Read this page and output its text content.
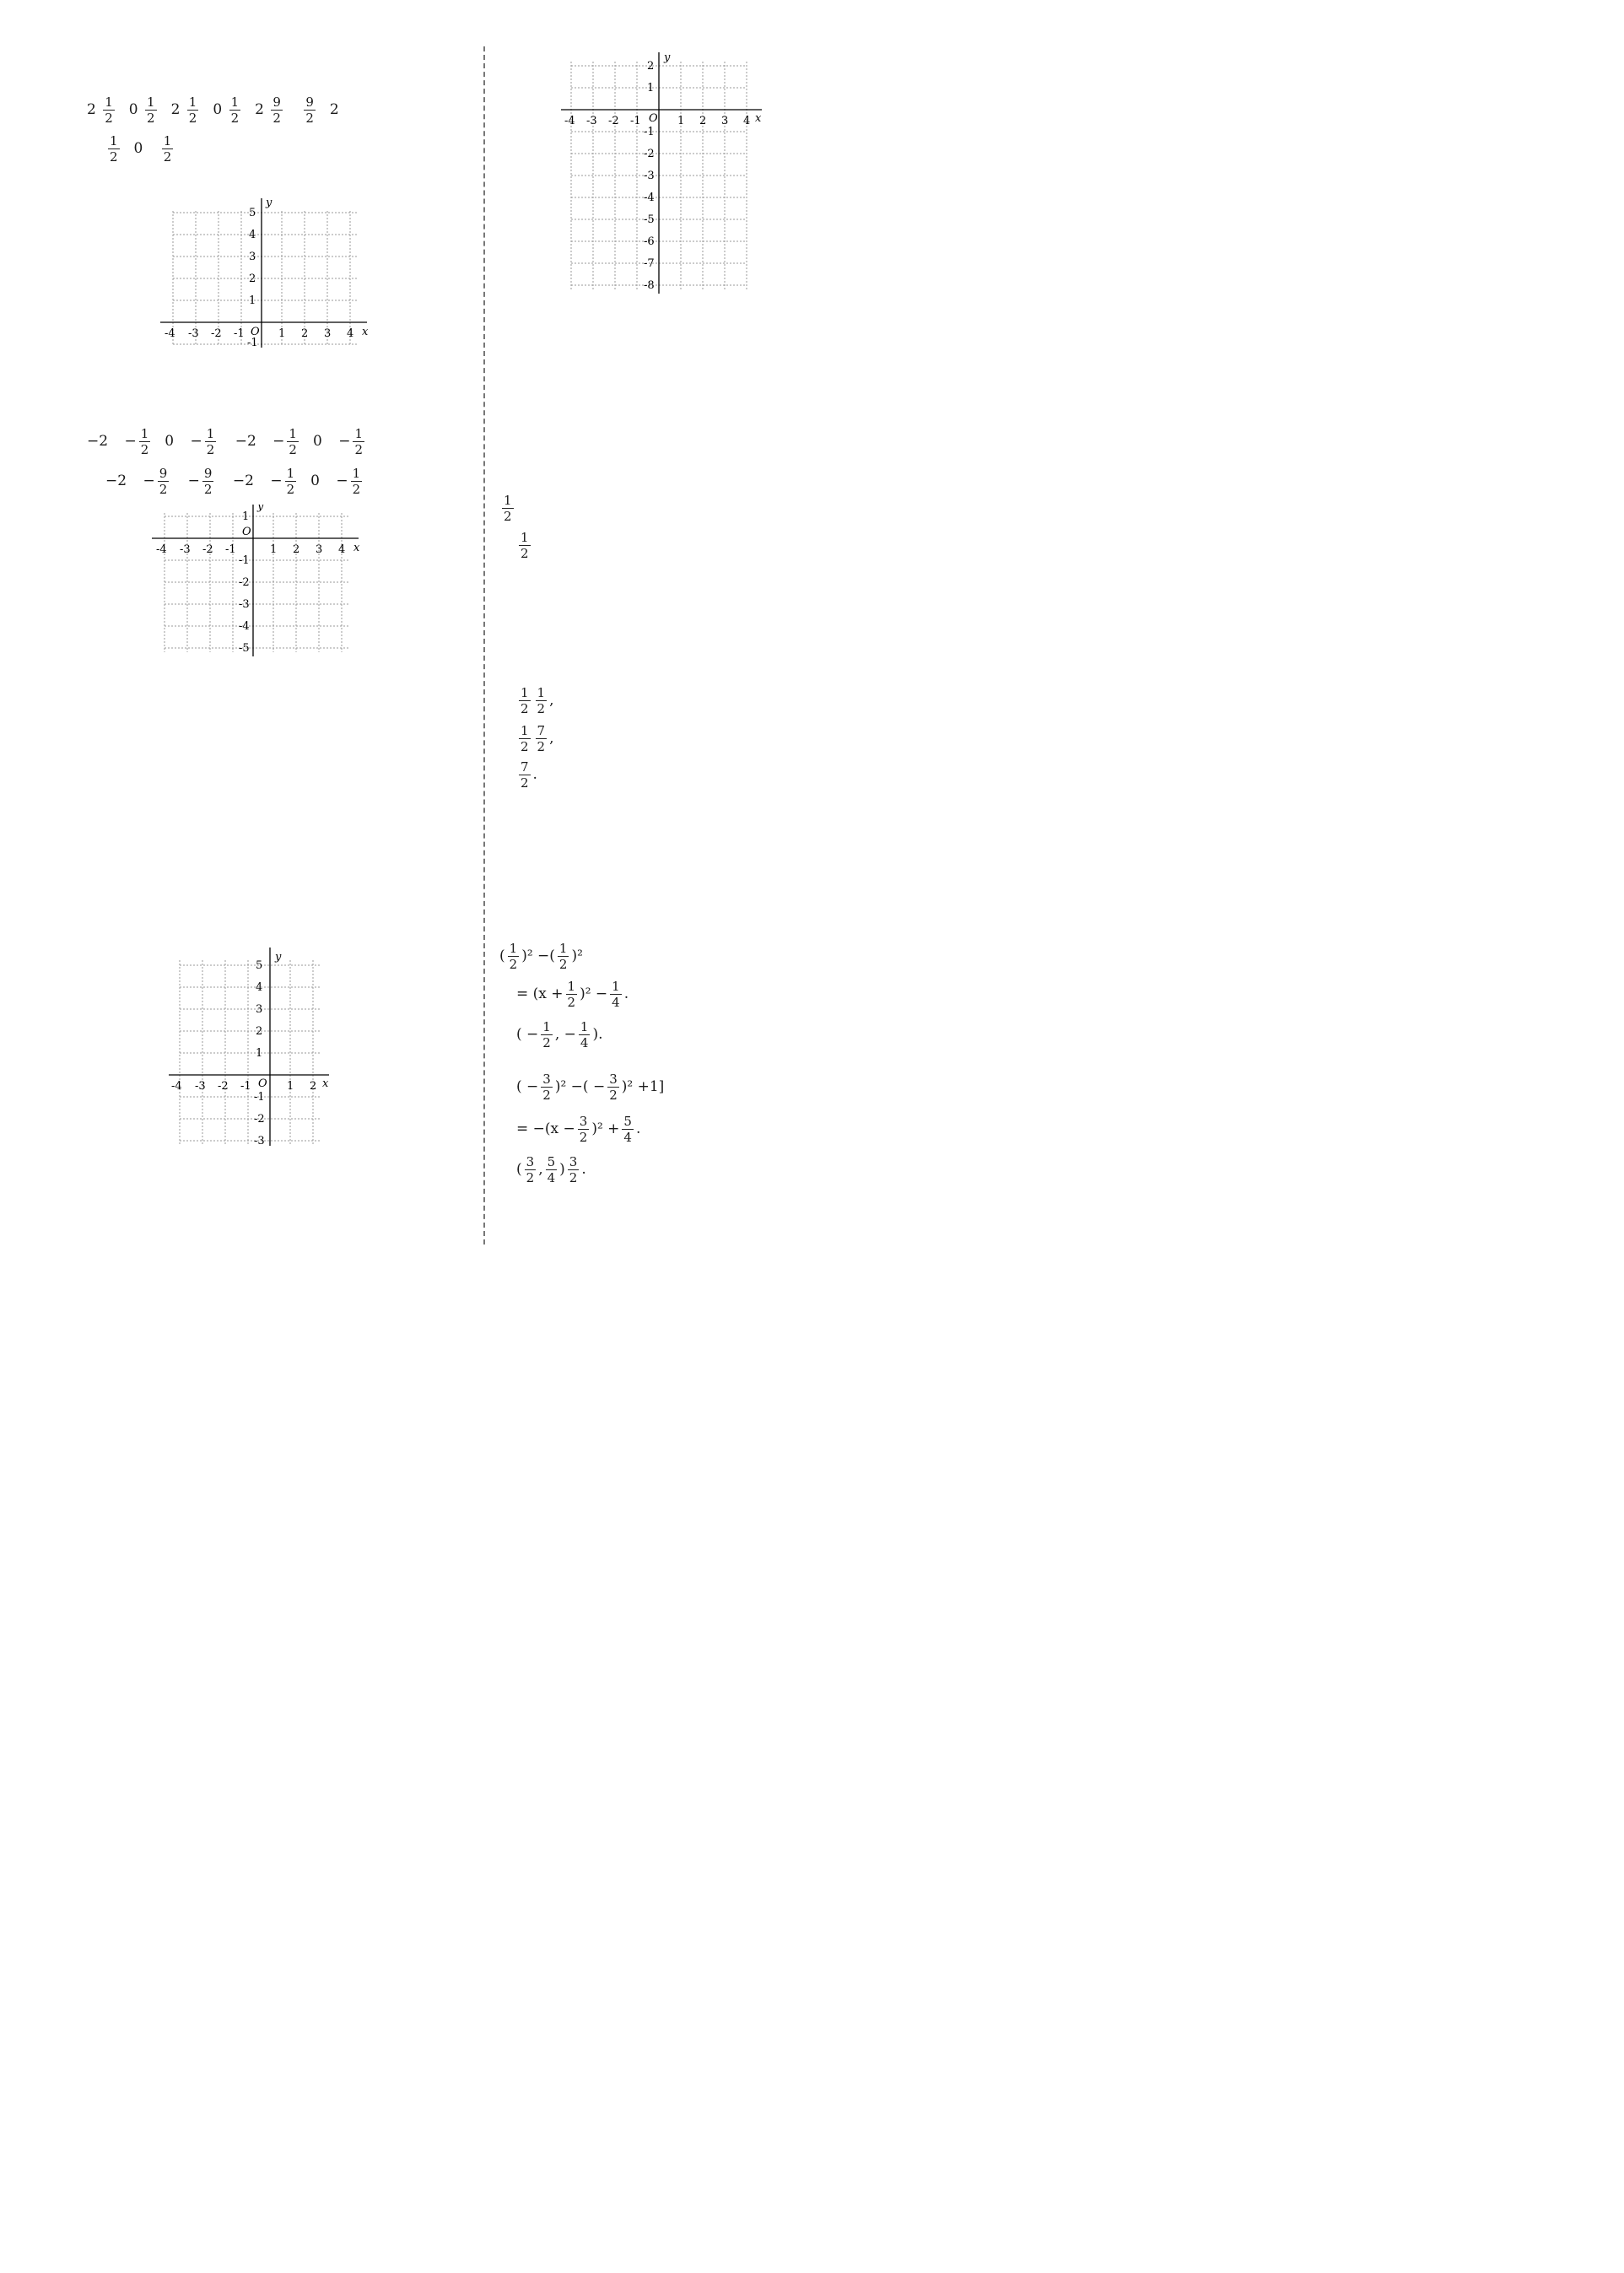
$2 \frac{1}{2} 0 \frac{1}{2} 2 \frac{1}{2} 0 \frac{1}{2} 2 \frac{9}{2}$
$\frac{9}{2} 2$
$\frac{1}{2} 0 \frac{1}{2}$
-4 -3 -2 -1 O 1 2 3 4 x
5
4
3
2
1
-1
y
$-2 - \frac{1}{2} 0 - \frac{1}{2} -2 - \frac{1}{2} 0 - \frac{1}{2}$
$-2 - \frac{9}{2} - \frac{9}{2} -2 - \frac{1}{2} 0 - \frac{1}{2}$
-4 -3 -2 -1
O
1 2 3 4 x
1
-1
-2
-3
-4
-5
y
-4 -3 -2 -1 O 1 2 x
5
4
3
2
1
-1
-2
-3
y
-4 -3 -2 -1 O 1 2 3 4 x
2
1
-1
-2
-3
-4
-5
-6
-7
-8
y
$\frac{1}{2}$
$\frac{1}{2}$
$\frac{1}{2} \frac{1}{2}$ ,
$\frac{1}{2} \frac{7}{2}$ ,
$\frac{7}{2}$ .
( $\frac{1}{2} )^2$ −( $\frac{1}{2} )^2$
= $(x + \frac{1}{2} )^2 - \frac{1}{4}$ .
( − $\frac{1}{2}$ , − $\frac{1}{4}$ ).
( − $\frac{3}{2} )^2$ −( − $\frac{3}{2} )^2 +1$]
= $-(x - \frac{3}{2} )^2 + \frac{5}{4}$ .
( $\frac{3}{2}$ , $\frac{5}{4}$ ) $\frac{3}{2}$ .
